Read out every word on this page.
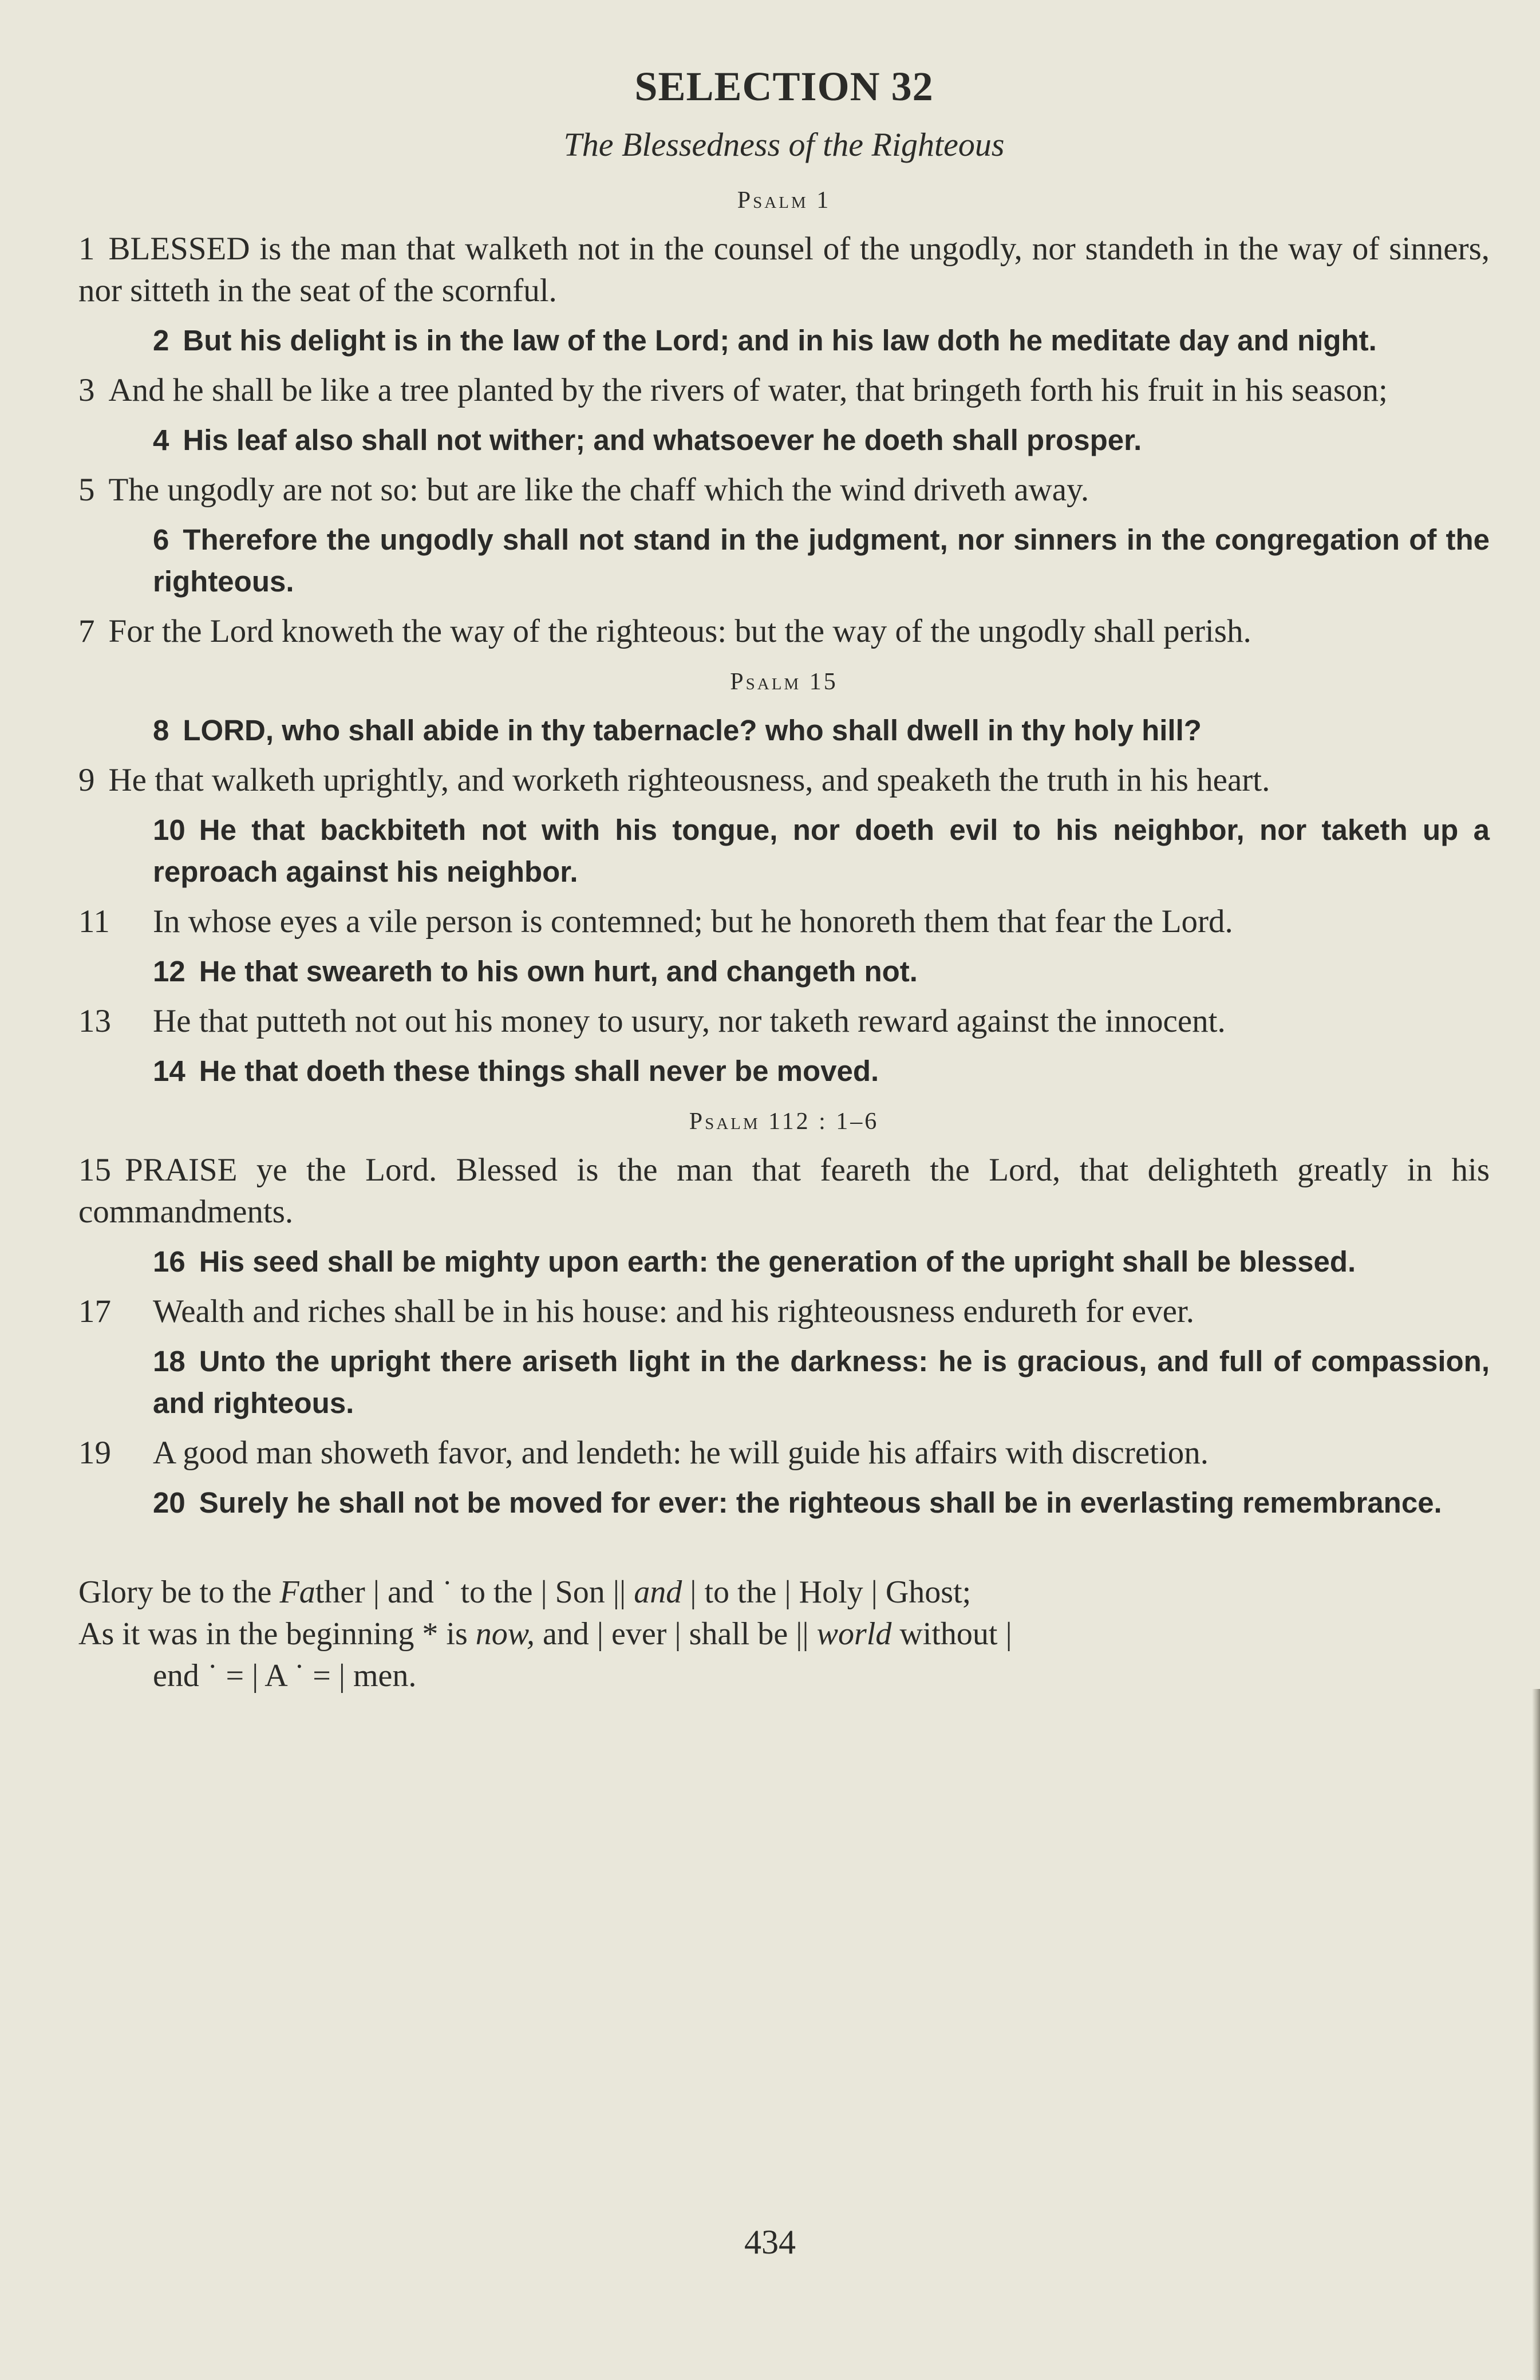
SELECTION 32
The Blessedness of the Righteous
Psalm 1

1 BLESSED is the man that walketh not in the counsel of the ungodly, nor standeth in the way of sinners, nor sitteth in the seat of the scornful.

2 But his delight is in the law of the Lord; and in his law doth he meditate day and night.

3 And he shall be like a tree planted by the rivers of water, that bringeth forth his fruit in his season;

4 His leaf also shall not wither; and whatsoever he doeth shall prosper.

5 The ungodly are not so: but are like the chaff which the wind driveth away.

6 Therefore the ungodly shall not stand in the judgment, nor sinners in the congregation of the righteous.

7 For the Lord knoweth the way of the righteous: but the way of the ungodly shall perish.

Psalm 15

8 LORD, who shall abide in thy tabernacle? who shall dwell in thy holy hill?

9 He that walketh uprightly, and worketh righteousness, and speaketh the truth in his heart.

10 He that backbiteth not with his tongue, nor doeth evil to his neighbor, nor taketh up a reproach against his neighbor.

11 In whose eyes a vile person is contemned; but he honoreth them that fear the Lord.

12 He that sweareth to his own hurt, and changeth not.

13 He that putteth not out his money to usury, nor taketh reward against the innocent.

14 He that doeth these things shall never be moved.

Psalm 112 : 1–6

15 PRAISE ye the Lord. Blessed is the man that feareth the Lord, that delighteth greatly in his commandments.

16 His seed shall be mighty upon earth: the generation of the upright shall be blessed.

17 Wealth and riches shall be in his house: and his righteousness endureth for ever.

18 Unto the upright there ariseth light in the darkness: he is gracious, and full of compassion, and righteous.

19 A good man showeth favor, and lendeth: he will guide his affairs with discretion.

20 Surely he shall not be moved for ever: the righteous shall be in everlasting remembrance.

Glory be to the Father | and ˙ to the | Son || and | to the | Holy | Ghost;

As it was in the beginning * is now, and | ever | shall be || world without |

end ˙ = | A ˙ = | men.

434
